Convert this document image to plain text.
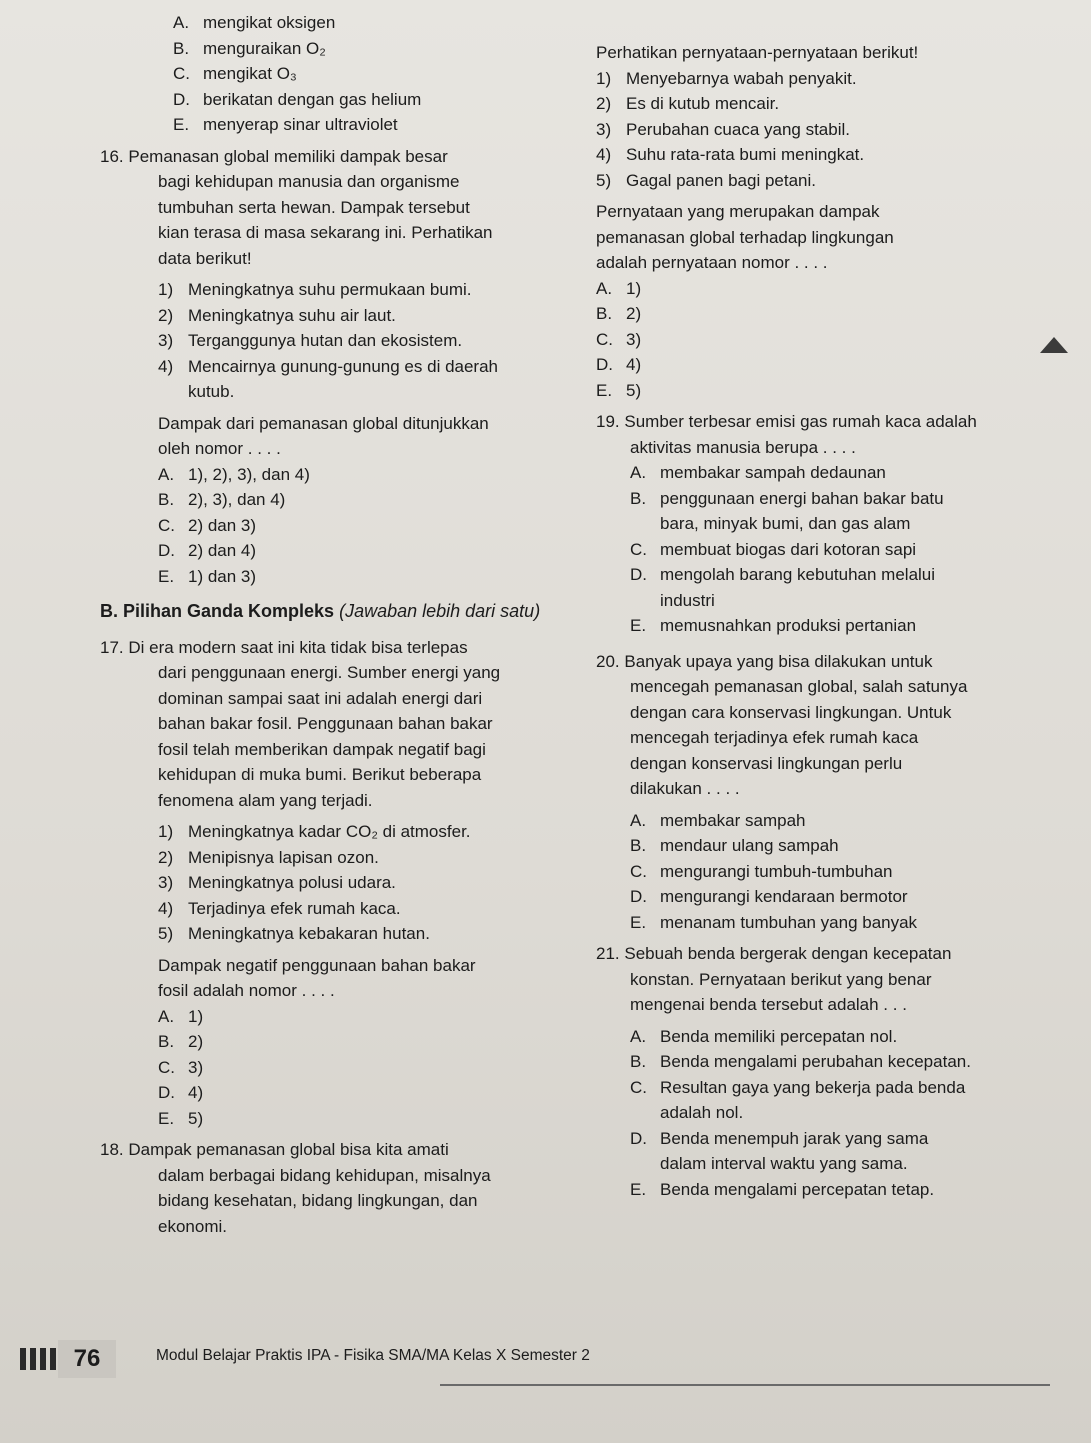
A. mengikat oksigen
B. menguraikan O₂
C. mengikat O₃
D. berikatan dengan gas helium
E. menyerap sinar ultraviolet
16. Pemanasan global memiliki dampak besar
bagi kehidupan manusia dan organisme
tumbuhan serta hewan. Dampak tersebut
kian terasa di masa sekarang ini. Perhatikan
data berikut!
1) Meningkatnya suhu permukaan bumi.
2) Meningkatnya suhu air laut.
3) Terganggunya hutan dan ekosistem.
4) Mencairnya gunung-gunung es di daerah
kutub.
Dampak dari pemanasan global ditunjukkan
oleh nomor . . . .
A. 1), 2), 3), dan 4)
B. 2), 3), dan 4)
C. 2) dan 3)
D. 2) dan 4)
E. 1) dan 3)
B. Pilihan Ganda Kompleks (Jawaban lebih dari satu)
17. Di era modern saat ini kita tidak bisa terlepas
dari penggunaan energi. Sumber energi yang
dominan sampai saat ini adalah energi dari
bahan bakar fosil. Penggunaan bahan bakar
fosil telah memberikan dampak negatif bagi
kehidupan di muka bumi. Berikut beberapa
fenomena alam yang terjadi.
1) Meningkatnya kadar CO₂ di atmosfer.
2) Menipisnya lapisan ozon.
3) Meningkatnya polusi udara.
4) Terjadinya efek rumah kaca.
5) Meningkatnya kebakaran hutan.
Dampak negatif penggunaan bahan bakar
fosil adalah nomor . . . .
A. 1)
B. 2)
C. 3)
D. 4)
E. 5)
18. Dampak pemanasan global bisa kita amati
dalam berbagai bidang kehidupan, misalnya
bidang kesehatan, bidang lingkungan, dan
ekonomi.
Perhatikan pernyataan-pernyataan berikut!
1) Menyebarnya wabah penyakit.
2) Es di kutub mencair.
3) Perubahan cuaca yang stabil.
4) Suhu rata-rata bumi meningkat.
5) Gagal panen bagi petani.
Pernyataan yang merupakan dampak
pemanasan global terhadap lingkungan
adalah pernyataan nomor . . . .
A. 1)
B. 2)
C. 3)
D. 4)
E. 5)
19. Sumber terbesar emisi gas rumah kaca adalah
aktivitas manusia berupa . . . .
A. membakar sampah dedaunan
B. penggunaan energi bahan bakar batu
bara, minyak bumi, dan gas alam
C. membuat biogas dari kotoran sapi
D. mengolah barang kebutuhan melalui
industri
E. memusnahkan produksi pertanian
20. Banyak upaya yang bisa dilakukan untuk
mencegah pemanasan global, salah satunya
dengan cara konservasi lingkungan. Untuk
mencegah terjadinya efek rumah kaca
dengan konservasi lingkungan perlu
dilakukan . . . .
A. membakar sampah
B. mendaur ulang sampah
C. mengurangi tumbuh-tumbuhan
D. mengurangi kendaraan bermotor
E. menanam tumbuhan yang banyak
21. Sebuah benda bergerak dengan kecepatan
konstan. Pernyataan berikut yang benar
mengenai benda tersebut adalah . . .
A. Benda memiliki percepatan nol.
B. Benda mengalami perubahan kecepatan.
C. Resultan gaya yang bekerja pada benda
adalah nol.
D. Benda menempuh jarak yang sama
dalam interval waktu yang sama.
E. Benda mengalami percepatan tetap.
76	Modul Belajar Praktis IPA - Fisika SMA/MA Kelas X Semester 2
